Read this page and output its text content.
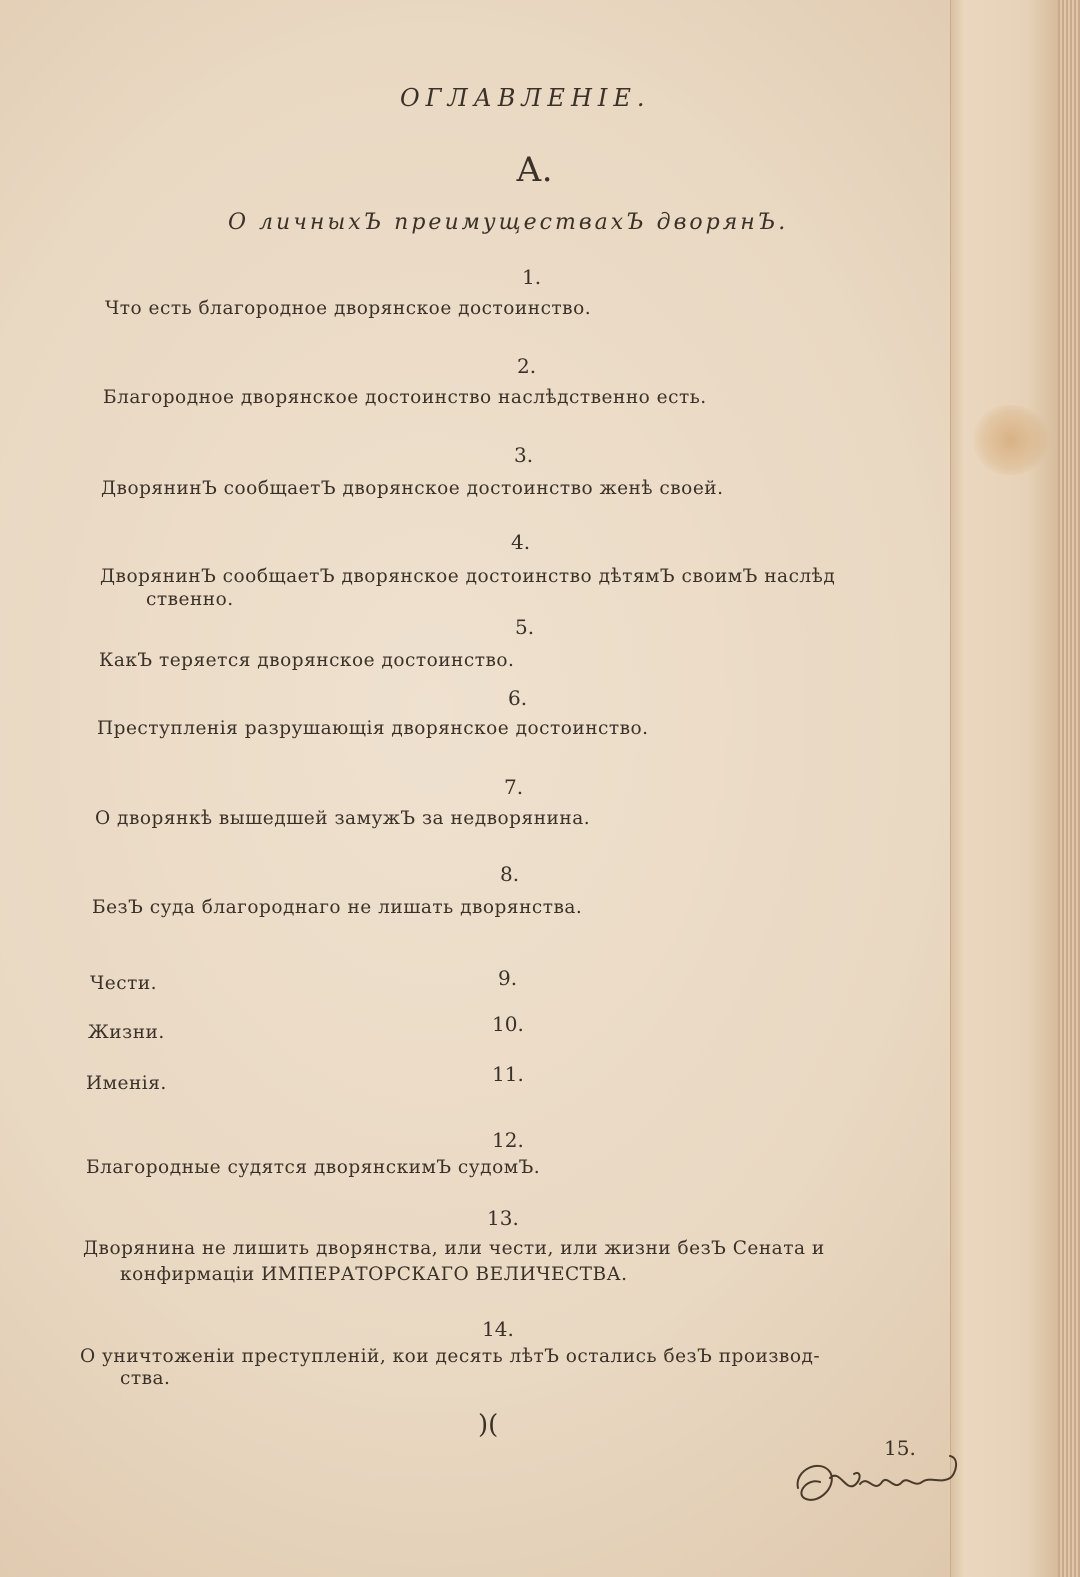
ОГЛАВЛЕНIЕ.
А.
О личныхЪ преимуществахЪ дворянЪ.
1.
Что есть благородное дворянское достоинство.
2.
Благородное дворянское достоинство наслѣдственно есть.
3.
ДворянинЪ сообщаетЪ дворянское достоинство женѣ своей.
4.
ДворянинЪ сообщаетЪ дворянское достоинство дѣтямЪ своимЪ наслѣд
ственно.
5.
КакЪ теряется дворянское достоинство.
6.
Преступленія разрушающія дворянское достоинство.
7.
О дворянкѣ вышедшей замужЪ за недворянина.
8.
БезЪ суда благороднаго не лишать дворянства.
9.
Чести.
10.
Жизни.
11.
Именія.
12.
Благородные судятся дворянскимЪ судомЪ.
13.
Дворянина не лишить дворянства, или чести, или жизни безЪ Сената и
конфирмаціи ИМПЕРАТОРСКАГО ВЕЛИЧЕСТВА.
14.
О уничтоженіи преступленій, кои десять лѣтЪ остались безЪ производ-
ства.
)(
15.
